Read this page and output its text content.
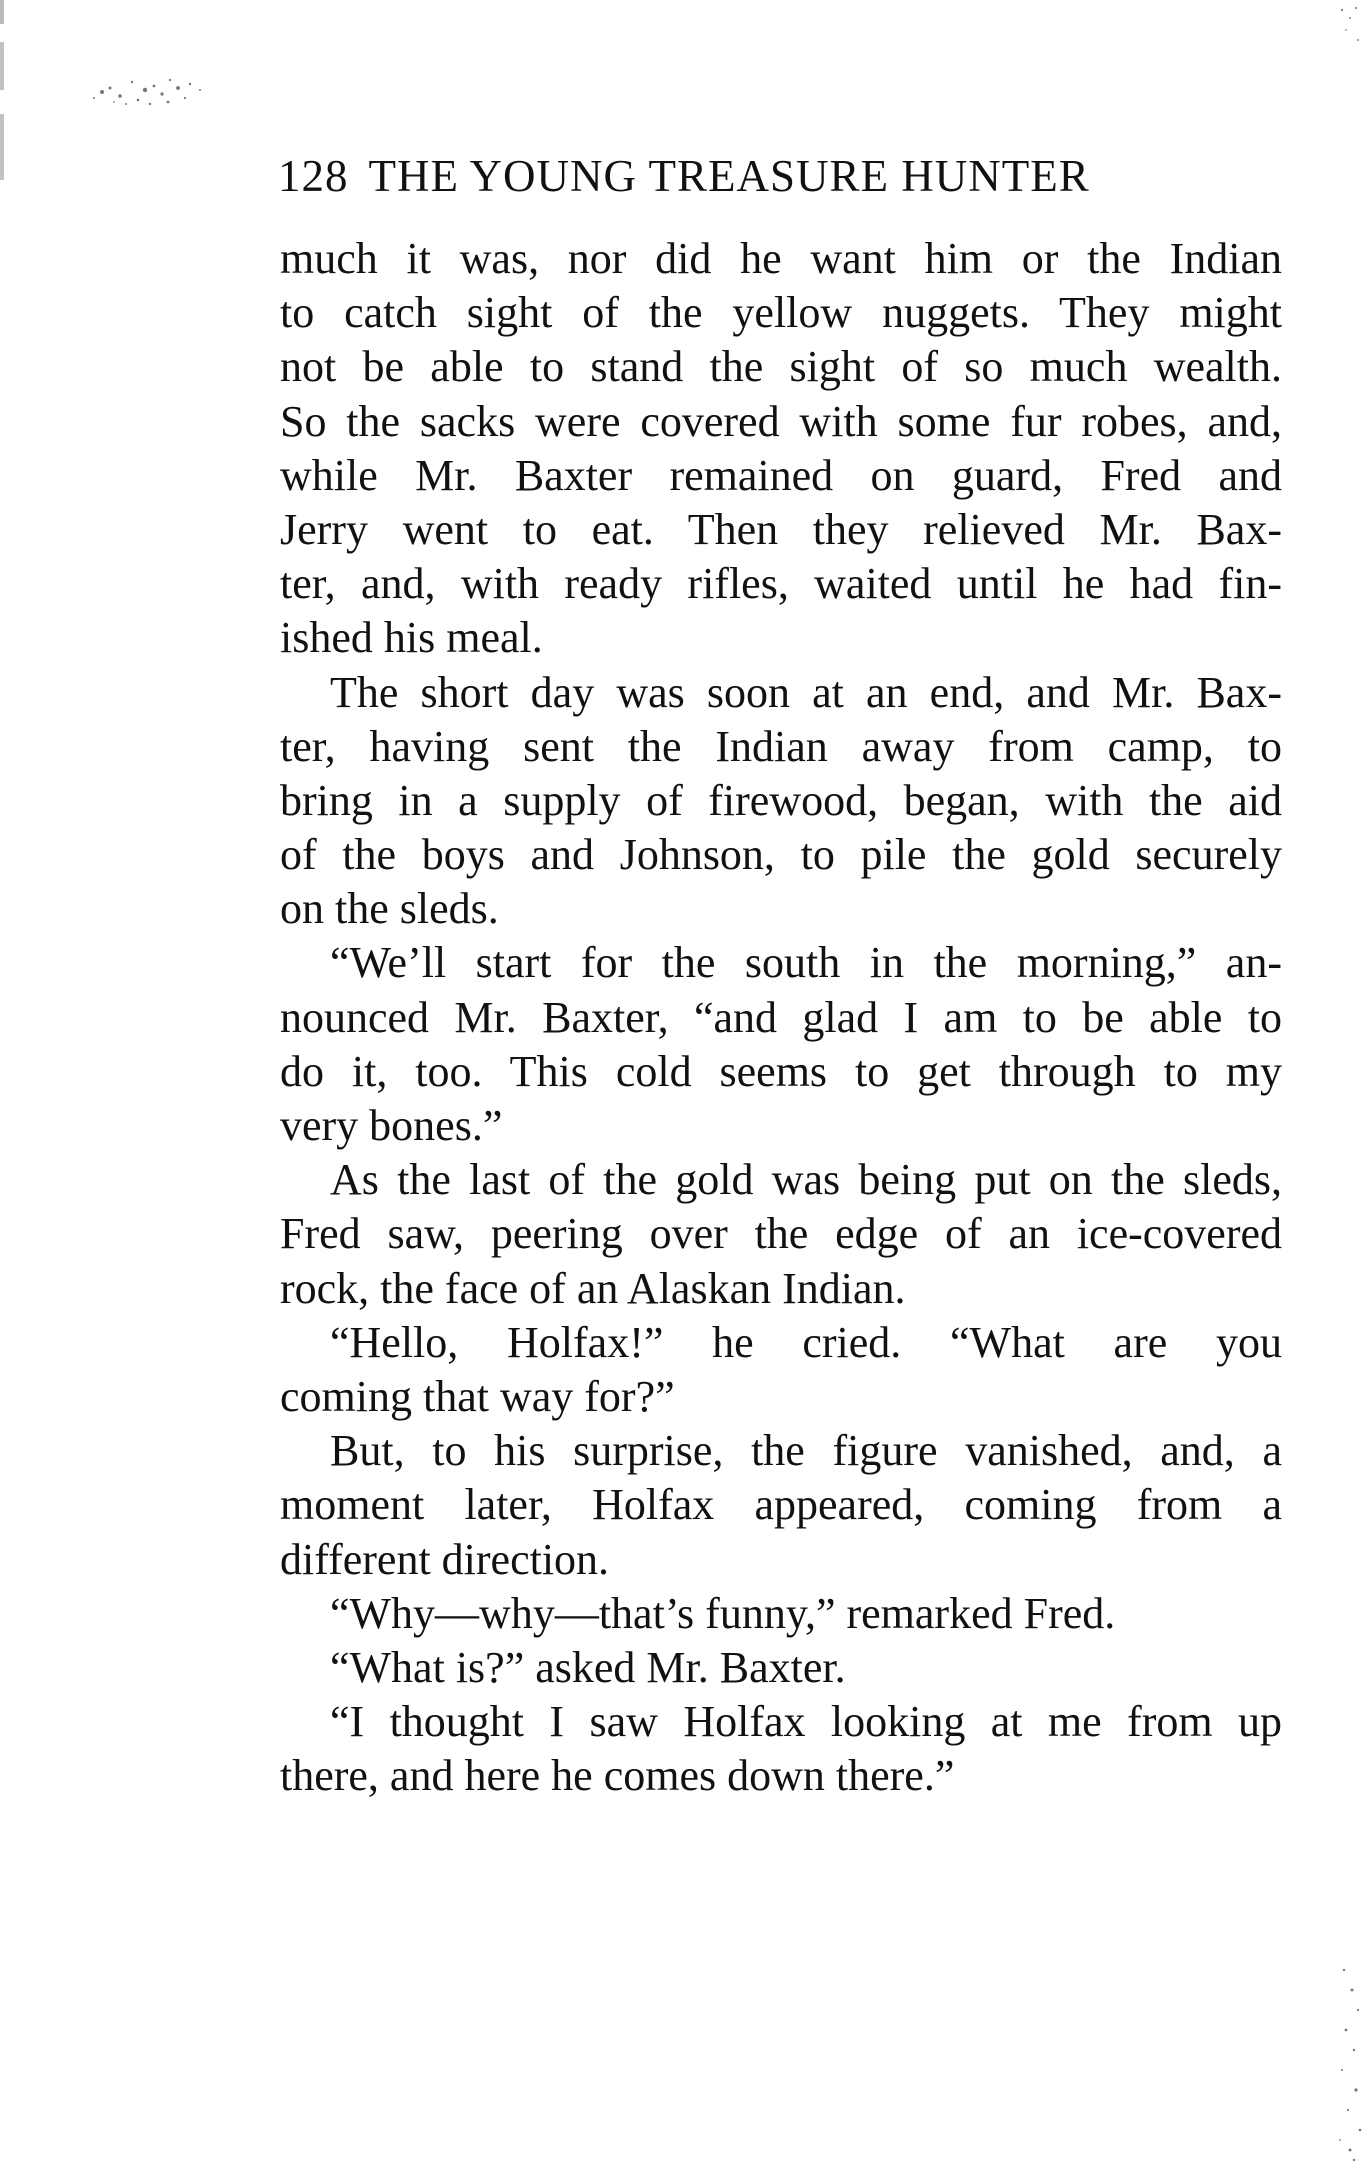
128 THE YOUNG TREASURE HUNTER
much it was, nor did he want him or the Indian
to catch sight of the yellow nuggets. They might
not be able to stand the sight of so much wealth.
So the sacks were covered with some fur robes, and,
while Mr. Baxter remained on guard, Fred and
Jerry went to eat. Then they relieved Mr. Bax-
ter, and, with ready rifles, waited until he had fin-
ished his meal.
The short day was soon at an end, and Mr. Bax-
ter, having sent the Indian away from camp, to
bring in a supply of firewood, began, with the aid
of the boys and Johnson, to pile the gold securely
on the sleds.
“We’ll start for the south in the morning,” an-
nounced Mr. Baxter, “and glad I am to be able to
do it, too. This cold seems to get through to my
very bones.”
As the last of the gold was being put on the sleds,
Fred saw, peering over the edge of an ice-covered
rock, the face of an Alaskan Indian.
“Hello, Holfax!” he cried. “What are you
coming that way for?”
But, to his surprise, the figure vanished, and, a
moment later, Holfax appeared, coming from a
different direction.
“Why—why—that’s funny,” remarked Fred.
“What is?” asked Mr. Baxter.
“I thought I saw Holfax looking at me from up
there, and here he comes down there.”
